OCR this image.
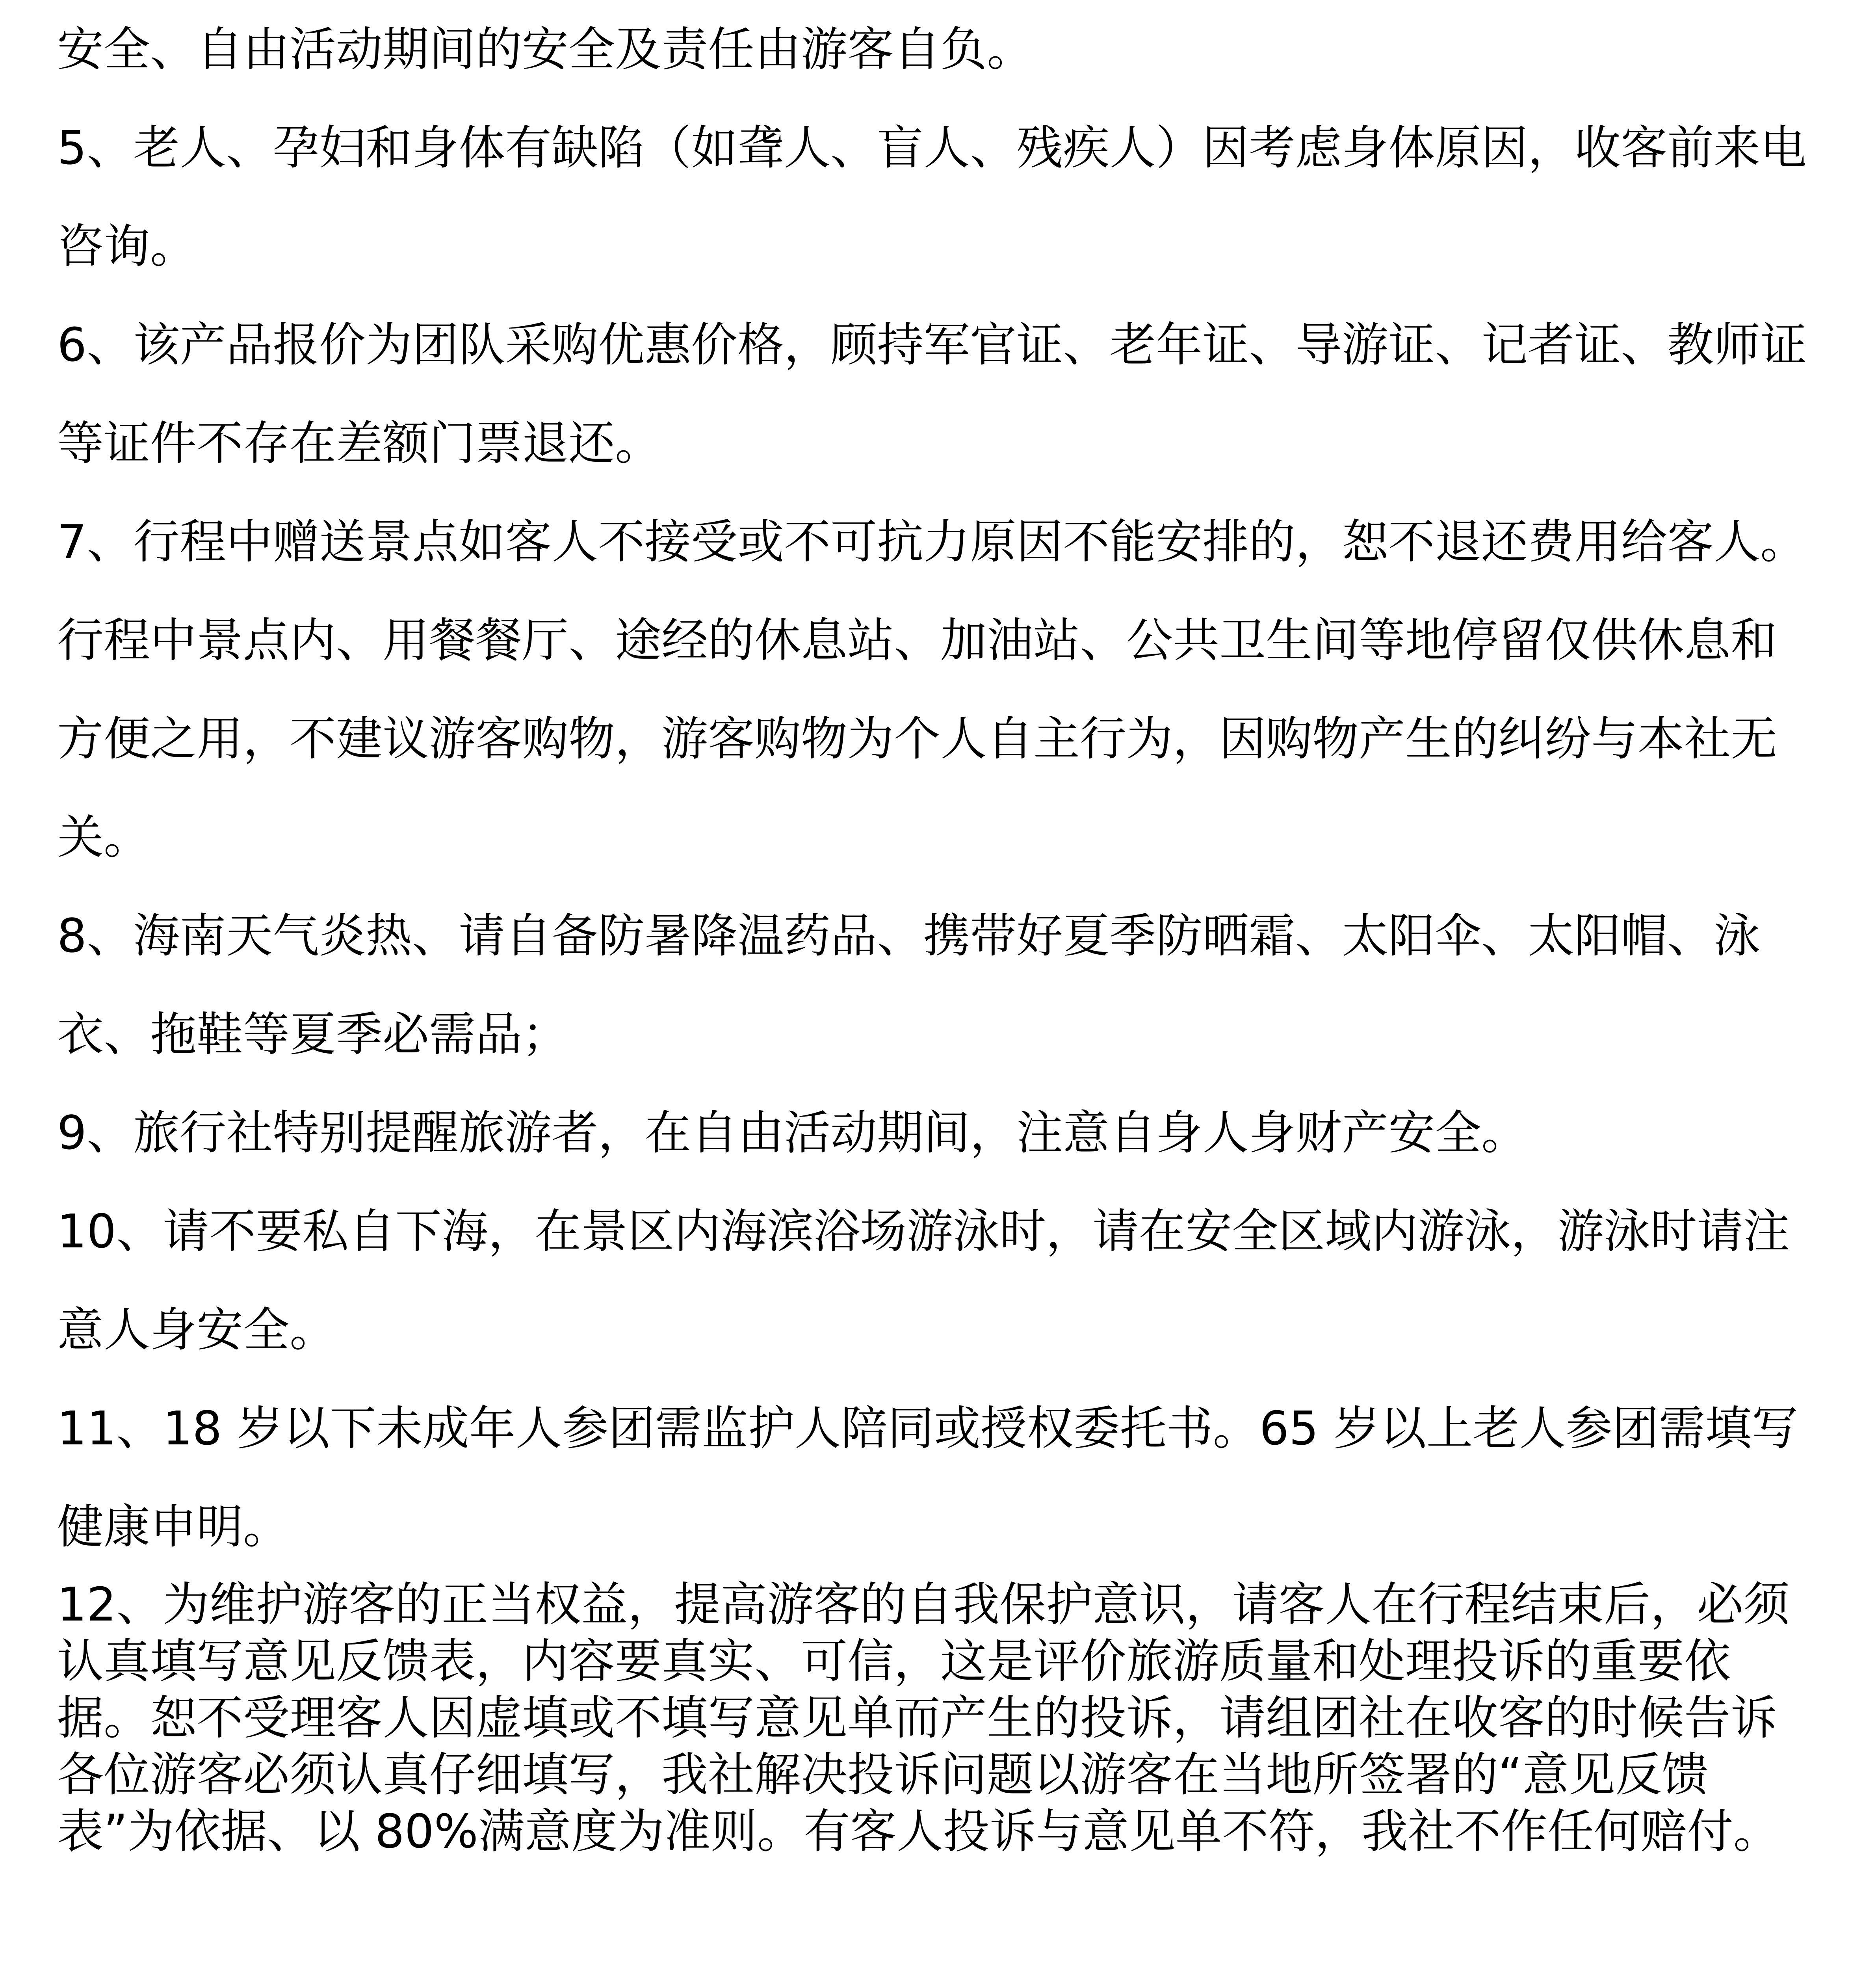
安全、自由活动期间的安全及责任由游客自负。

5、老人、孕妇和身体有缺陷（如聋人、盲人、残疾人）因考虑身体原因，收客前来电咨询。

6、该产品报价为团队采购优惠价格，顾持军官证、老年证、导游证、记者证、教师证等证件不存在差额门票退还。

7、行程中赠送景点如客人不接受或不可抗力原因不能安排的，恕不退还费用给客人。行程中景点内、用餐餐厅、途经的休息站、加油站、公共卫生间等地停留仅供休息和方便之用，不建议游客购物，游客购物为个人自主行为，因购物产生的纠纷与本社无关。

8、海南天气炎热、请自备防暑降温药品、携带好夏季防晒霜、太阳伞、太阳帽、泳衣、拖鞋等夏季必需品；

9、旅行社特别提醒旅游者，在自由活动期间，注意自身人身财产安全。

10、请不要私自下海，在景区内海滨浴场游泳时，请在安全区域内游泳，游泳时请注意人身安全。

11、18 岁以下未成年人参团需监护人陪同或授权委托书。65 岁以上老人参团需填写健康申明。

12、为维护游客的正当权益，提高游客的自我保护意识，请客人在行程结束后，必须认真填写意见反馈表，内容要真实、可信，这是评价旅游质量和处理投诉的重要依据。恕不受理客人因虚填或不填写意见单而产生的投诉，请组团社在收客的时候告诉各位游客必须认真仔细填写，我社解决投诉问题以游客在当地所签署的“意见反馈表”为依据、以 80%满意度为准则。有客人投诉与意见单不符，我社不作任何赔付。
